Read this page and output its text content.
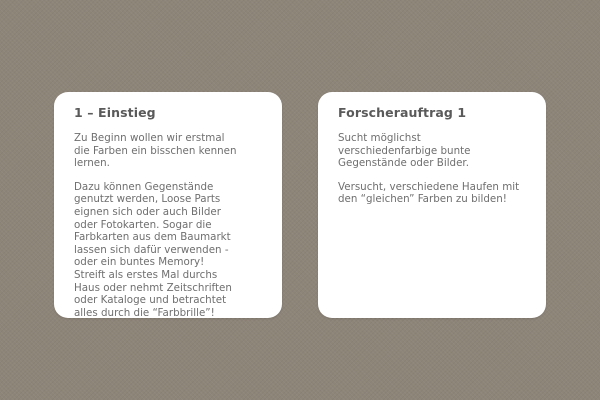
1 – Einstieg

Zu Beginn wollen wir erstmal
die Farben ein bisschen kennen
lernen.

Dazu können Gegenstände
genutzt werden, Loose Parts
eignen sich oder auch Bilder
oder Fotokarten. Sogar die
Farbkarten aus dem Baumarkt
lassen sich dafür verwenden -
oder ein buntes Memory!
Streift als erstes Mal durchs
Haus oder nehmt Zeitschriften
oder Kataloge und betrachtet
alles durch die “Farbbrille”!

Forscherauftrag 1

Sucht möglichst
verschiedenfarbige bunte
Gegenstände oder Bilder.

Versucht, verschiedene Haufen mit
den “gleichen” Farben zu bilden!
